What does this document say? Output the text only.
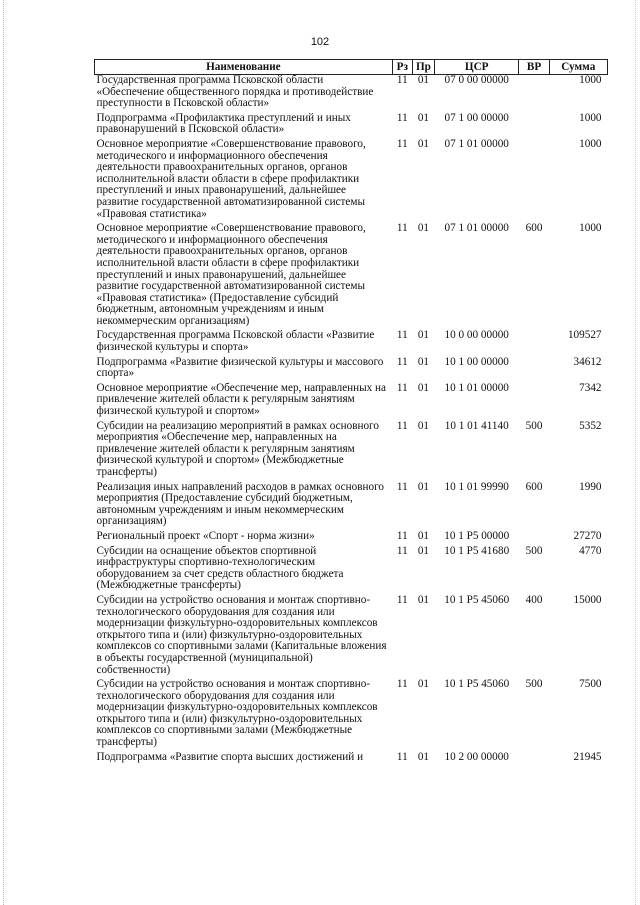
102
Наименование	Рз	Пр	ЦСР	ВР	Сумма
Государственная программа Псковской области «Обеспечение общественного порядка и противодействие преступности в Псковской области»	11	01	07 0 00 00000		1000
Подпрограмма «Профилактика преступлений и иных правонарушений в Псковской области»	11	01	07 1 00 00000		1000
Основное мероприятие «Совершенствование правового, методического и информационного обеспечения деятельности правоохранительных органов, органов исполнительной власти области в сфере профилактики преступлений и иных правонарушений, дальнейшее развитие государственной автоматизированной системы «Правовая статистика»	11	01	07 1 01 00000		1000
Основное мероприятие «Совершенствование правового, методического и информационного обеспечения деятельности правоохранительных органов, органов исполнительной власти области в сфере профилактики преступлений и иных правонарушений, дальнейшее развитие государственной автоматизированной системы «Правовая статистика» (Предоставление субсидий бюджетным, автономным учреждениям и иным некоммерческим организациям)	11	01	07 1 01 00000	600	1000
Государственная программа Псковской области «Развитие физической культуры и спорта»	11	01	10 0 00 00000		109527
Подпрограмма «Развитие физической культуры и массового спорта»	11	01	10 1 00 00000		34612
Основное мероприятие «Обеспечение мер, направленных на привлечение жителей области к регулярным занятиям физической культурой и спортом»	11	01	10 1 01 00000		7342
Субсидии на реализацию мероприятий в рамках основного мероприятия «Обеспечение мер, направленных на привлечение жителей области к регулярным занятиям физической культурой и спортом» (Межбюджетные трансферты)	11	01	10 1 01 41140	500	5352
Реализация иных направлений расходов в рамках основного мероприятия (Предоставление субсидий бюджетным, автономным учреждениям и иным некоммерческим организациям)	11	01	10 1 01 99990	600	1990
Региональный проект «Спорт - норма жизни»	11	01	10 1 P5 00000		27270
Субсидии на оснащение объектов спортивной инфраструктуры спортивно-технологическим оборудованием за счет средств областного бюджета (Межбюджетные трансферты)	11	01	10 1 P5 41680	500	4770
Субсидии на устройство основания и монтаж спортивно-технологического оборудования для создания или модернизации физкультурно-оздоровительных комплексов открытого типа и (или) физкультурно-оздоровительных комплексов со спортивными залами (Капитальные вложения в объекты государственной (муниципальной) собственности)	11	01	10 1 P5 45060	400	15000
Субсидии на устройство основания и монтаж спортивно-технологического оборудования для создания или модернизации физкультурно-оздоровительных комплексов открытого типа и (или) физкультурно-оздоровительных комплексов со спортивными залами (Межбюджетные трансферты)	11	01	10 1 P5 45060	500	7500
Подпрограмма «Развитие спорта высших достижений и	11	01	10 2 00 00000		21945
